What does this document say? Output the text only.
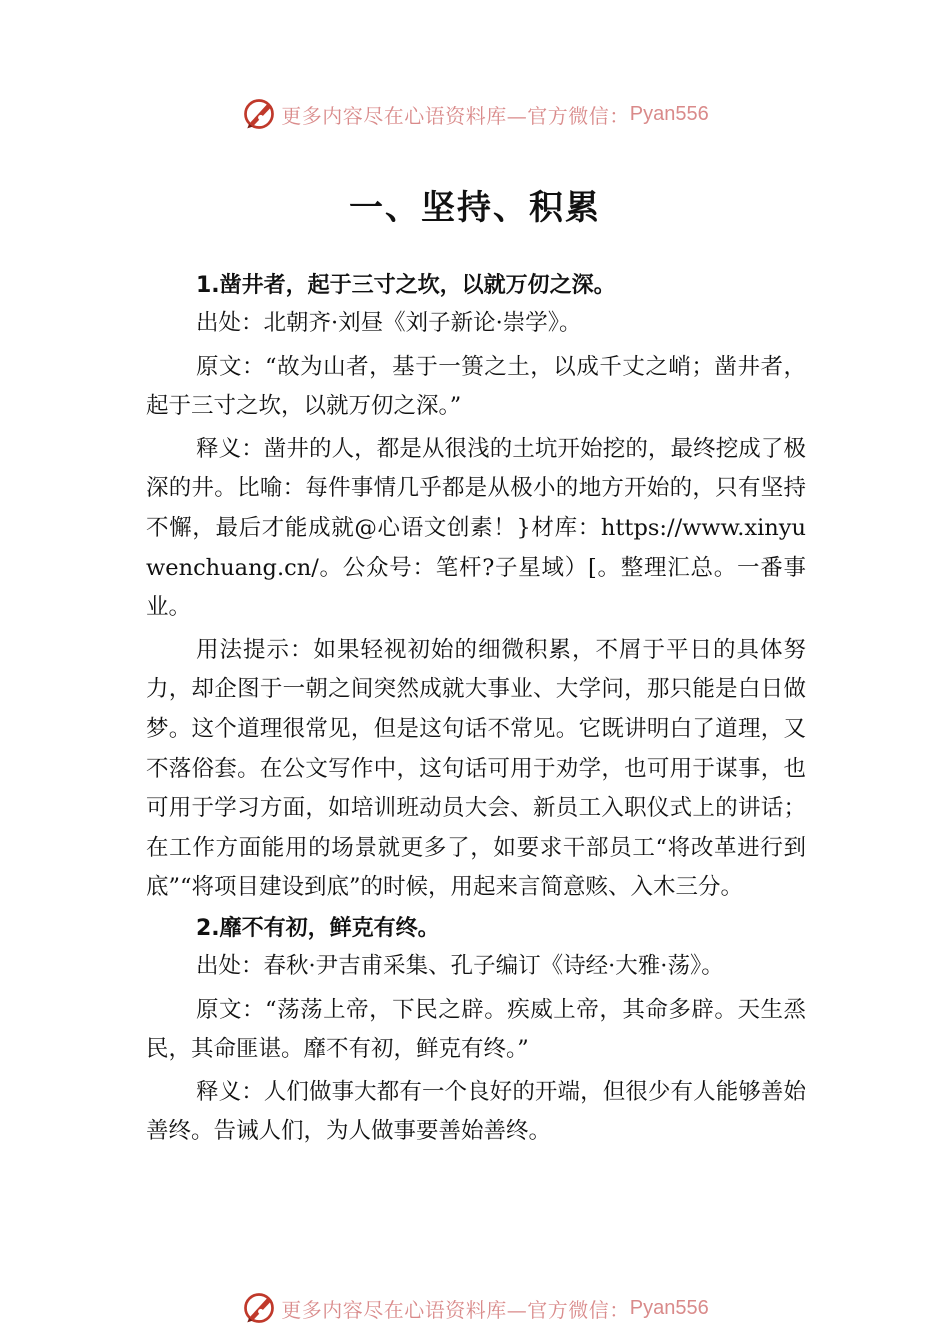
更多内容尽在心语资料库—官方微信： Pyan556
一、坚持、积累

1.凿井者，起于三寸之坎，以就万仞之深。

出处：北朝齐·刘昼《刘子新论·崇学》。

原文：“故为山者，基于一篑之土，以成千丈之峭；凿井者，起于三寸之坎，以就万仞之深。”

释义：凿井的人，都是从很浅的土坑开始挖的，最终挖成了极深的井。比喻：每件事情几乎都是从极小的地方开始的，只有坚持不懈，最后才能成就@心语文创素！}材库：https://www.xinyuwenchuang.cn/。公众号：笔杆?子星域）[。整理汇总。一番事业。

用法提示：如果轻视初始的细微积累，不屑于平日的具体努力，却企图于一朝之间突然成就大事业、大学问，那只能是白日做梦。这个道理很常见，但是这句话不常见。它既讲明白了道理，又不落俗套。在公文写作中，这句话可用于劝学，也可用于谋事，也可用于学习方面，如培训班动员大会、新员工入职仪式上的讲话；在工作方面能用的场景就更多了，如要求干部员工“将改革进行到底”“将项目建设到底”的时候，用起来言简意赅、入木三分。

2.靡不有初，鲜克有终。

出处：春秋·尹吉甫采集、孔子编订《诗经·大雅·荡》。

原文：“荡荡上帝，下民之辟。疾威上帝，其命多辟。天生烝民，其命匪谌。靡不有初，鲜克有终。”

释义：人们做事大都有一个良好的开端，但很少有人能够善始善终。告诫人们，为人做事要善始善终。

更多内容尽在心语资料库—官方微信： Pyan556
